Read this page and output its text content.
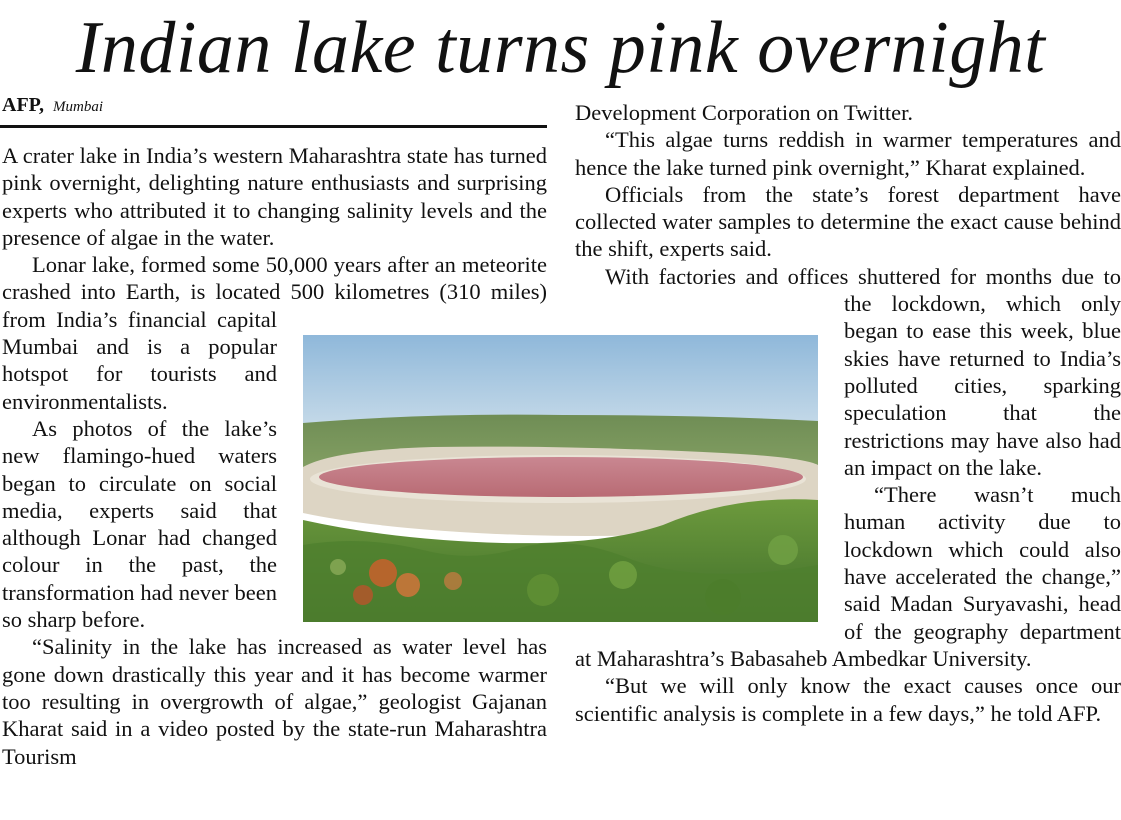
Indian lake turns pink overnight
AFP, Mumbai

A crater lake in India’s western Maharashtra state has turned pink overnight, delighting nature enthusiasts and surprising experts who attributed it to changing salinity levels and the presence of algae in the water.

Lonar lake, formed some 50,000 years after an meteorite crashed into Earth, is located 500 kilometres (310 miles) from India’s financial capital Mumbai and is a popular hotspot for tourists and environmentalists.

As photos of the lake’s new flamingo-hued waters began to circulate on social media, experts said that although Lonar had changed colour in the past, the transformation had never been so sharp before.

“Salinity in the lake has increased as water level has gone down drastically this year and it has become warmer too resulting in overgrowth of algae,” geologist Gajanan Kharat said in a video posted by the state-run Maharashtra Tourism

Development Corporation on Twitter.

“This algae turns reddish in warmer temperatures and hence the lake turned pink overnight,” Kharat explained.

Officials from the state’s forest department have collected water samples to determine the exact cause behind the shift, experts said.

With factories and offices shuttered for months due to the lockdown, which only began to ease this week, blue skies have returned to India’s polluted cities, sparking speculation that the restrictions may have also had an impact on the lake.

“There wasn’t much human activity due to lockdown which could also have accelerated the change,” said Madan Suryavashi, head of the geography department at Maharashtra’s Babasaheb Ambedkar University.

“But we will only know the exact causes once our scientific analysis is complete in a few days,” he told AFP.
